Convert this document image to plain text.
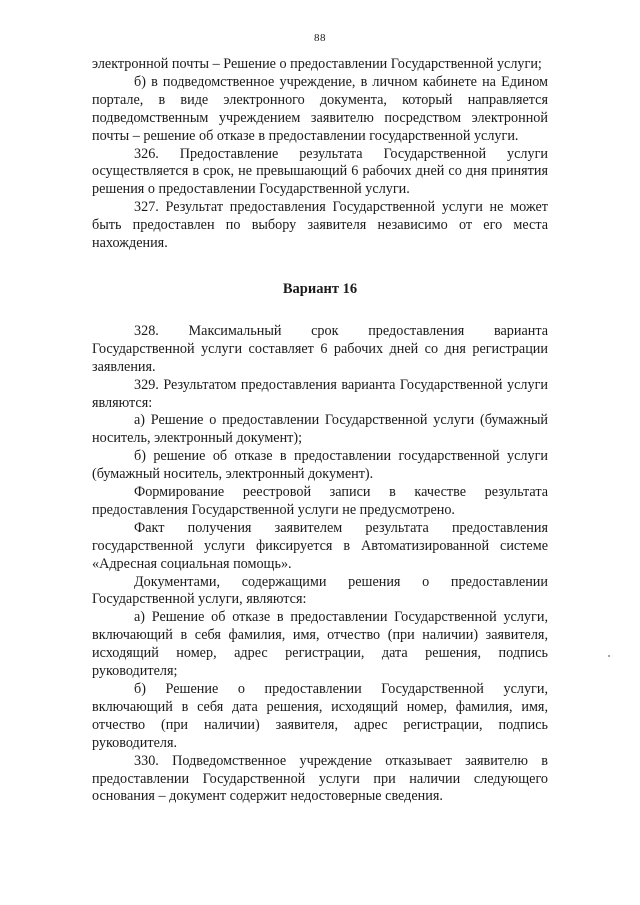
88

электронной почты – Решение о предоставлении Государственной услуги;

б) в подведомственное учреждение, в личном кабинете на Едином портале, в виде электронного документа, который направляется подведомственным учреждением заявителю посредством электронной почты – решение об отказе в предоставлении государственной услуги.

326. Предоставление результата Государственной услуги осуществляется в срок, не превышающий 6 рабочих дней со дня принятия решения о предоставлении Государственной услуги.

327. Результат предоставления Государственной услуги не может быть предоставлен по выбору заявителя независимо от его места нахождения.

Вариант 16

328. Максимальный срок предоставления варианта Государственной услуги составляет 6 рабочих дней со дня регистрации заявления.

329. Результатом предоставления варианта Государственной услуги являются:

а) Решение о предоставлении Государственной услуги (бумажный носитель, электронный документ);

б) решение об отказе в предоставлении государственной услуги (бумажный носитель, электронный документ).

Формирование реестровой записи в качестве результата предоставления Государственной услуги не предусмотрено.

Факт получения заявителем результата предоставления государственной услуги фиксируется в Автоматизированной системе «Адресная социальная помощь».

Документами, содержащими решения о предоставлении Государственной услуги, являются:

а) Решение об отказе в предоставлении Государственной услуги, включающий в себя фамилия, имя, отчество (при наличии) заявителя, исходящий номер, адрес регистрации, дата решения, подпись руководителя;

б) Решение о предоставлении Государственной услуги, включающий в себя дата решения, исходящий номер, фамилия, имя, отчество (при наличии) заявителя, адрес регистрации, подпись руководителя.

330. Подведомственное учреждение отказывает заявителю в предоставлении Государственной услуги при наличии следующего основания – документ содержит недостоверные сведения.
